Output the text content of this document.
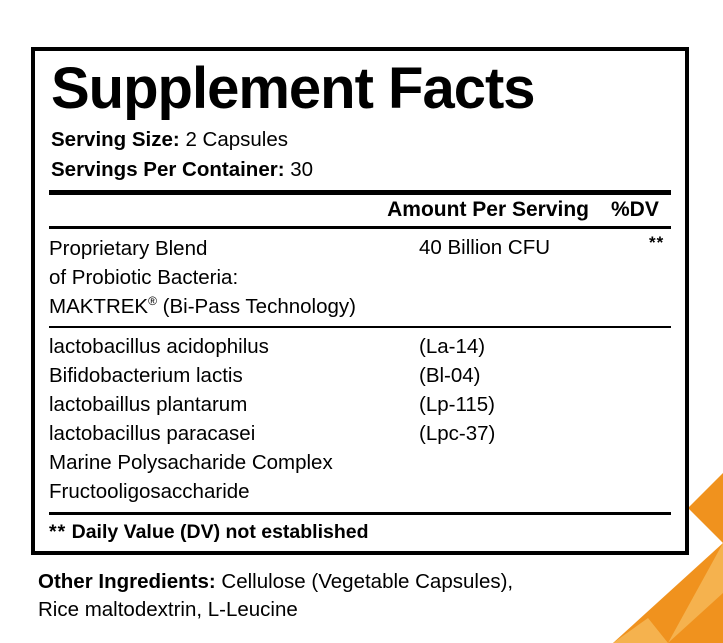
Supplement Facts
Serving Size: 2 Capsules
Servings Per Container: 30
Amount Per Serving %DV
Proprietary Blend
of Probiotic Bacteria:
MAKTREK® (Bi-Pass Technology)
40 Billion CFU	**
lactobacillus acidophilus	(La-14)
Bifidobacterium lactis	(Bl-04)
lactobaillus plantarum	(Lp-115)
lactobacillus paracasei	(Lpc-37)
Marine Polysacharide Complex
Fructooligosaccharide
** Daily Value (DV) not established
Other Ingredients: Cellulose (Vegetable Capsules),
Rice maltodextrin, L-Leucine
